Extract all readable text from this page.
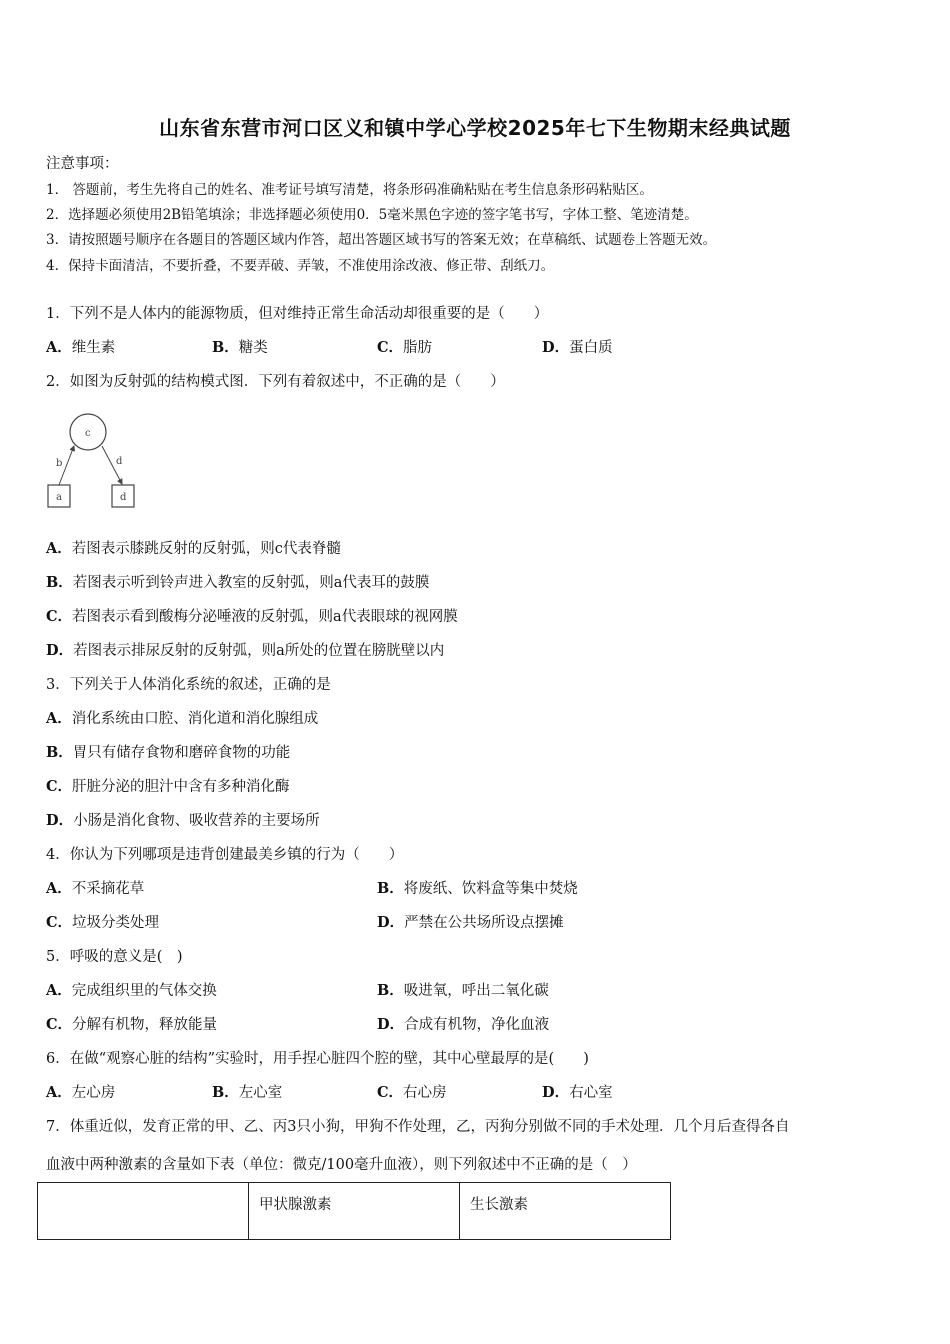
山东省东营市河口区义和镇中学心学校2025年七下生物期末经典试题
注意事项：
1． 答题前，考生先将自己的姓名、准考证号填写清楚，将条形码准确粘贴在考生信息条形码粘贴区。
2．选择题必须使用2B铅笔填涂；非选择题必须使用0．5毫米黑色字迹的签字笔书写，字体工整、笔迹清楚。
3．请按照题号顺序在各题目的答题区域内作答，超出答题区域书写的答案无效；在草稿纸、试题卷上答题无效。
4．保持卡面清洁，不要折叠，不要弄破、弄皱，不准使用涂改液、修正带、刮纸刀。
1．下列不是人体内的能源物质，但对维持正常生命活动却很重要的是（　　）
A．维生素	B．糖类	C．脂肪	D．蛋白质
2．如图为反射弧的结构模式图．下列有着叙述中，不正确的是（　　）
c
b	d
a	d
A．若图表示膝跳反射的反射弧，则c代表脊髓
B．若图表示听到铃声进入教室的反射弧，则a代表耳的鼓膜
C．若图表示看到酸梅分泌唾液的反射弧，则a代表眼球的视网膜
D．若图表示排尿反射的反射弧，则a所处的位置在膀胱壁以内
3．下列关于人体消化系统的叙述，正确的是
A．消化系统由口腔、消化道和消化腺组成
B．胃只有储存食物和磨碎食物的功能
C．肝脏分泌的胆汁中含有多种消化酶
D．小肠是消化食物、吸收营养的主要场所
4．你认为下列哪项是违背创建最美乡镇的行为（　　）
A．不采摘花草	B．将废纸、饮料盒等集中焚烧
C．垃圾分类处理	D．严禁在公共场所设点摆摊
5．呼吸的意义是(　)
A．完成组织里的气体交换	B．吸进氧，呼出二氧化碳
C．分解有机物，释放能量	D．合成有机物，净化血液
6．在做“观察心脏的结构”实验时，用手捏心脏四个腔的壁，其中心壁最厚的是(　　)
A．左心房	B．左心室	C．右心房	D．右心室
7．体重近似，发育正常的甲、乙、丙3只小狗，甲狗不作处理，乙，丙狗分别做不同的手术处理．几个月后查得各自
血液中两种激素的含量如下表（单位：微克/100毫升血液），则下列叙述中不正确的是（　）
	甲状腺激素	生长激素
